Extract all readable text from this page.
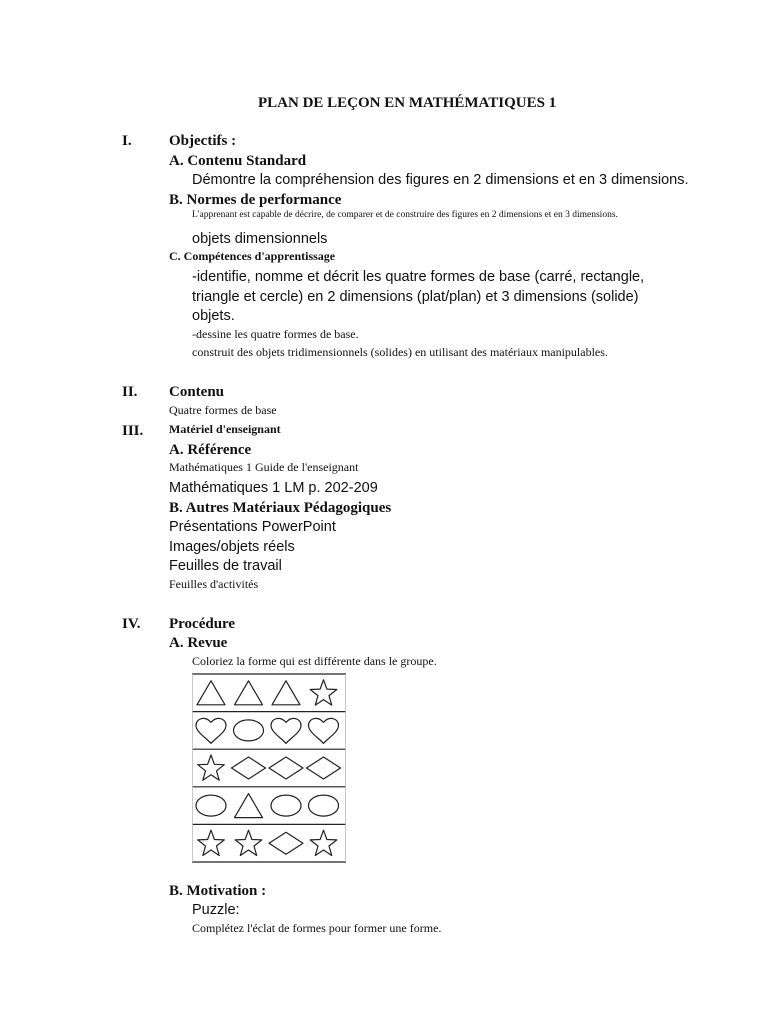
PLAN DE LEÇON EN MATHÉMATIQUES 1
I. Objectifs :
A. Contenu Standard
Démontre la compréhension des figures en 2 dimensions et en 3 dimensions.
B. Normes de performance
L'apprenant est capable de décrire, de comparer et de construire des figures en 2 dimensions et en 3 dimensions.
objets dimensionnels
C. Compétences d'apprentissage
-identifie, nomme et décrit les quatre formes de base (carré, rectangle,
triangle et cercle) en 2 dimensions (plat/plan) et 3 dimensions (solide)
objets.
-dessine les quatre formes de base.
construit des objets tridimensionnels (solides) en utilisant des matériaux manipulables.
II. Contenu
Quatre formes de base
III. Matériel d'enseignant
A. Référence
Mathématiques 1 Guide de l'enseignant
Mathématiques 1 LM p. 202-209
B. Autres Matériaux Pédagogiques
Présentations PowerPoint
Images/objets réels
Feuilles de travail
Feuilles d'activités
IV. Procédure
A. Revue
Coloriez la forme qui est différente dans le groupe.
B. Motivation :
Puzzle:
Complétez l'éclat de formes pour former une forme.
